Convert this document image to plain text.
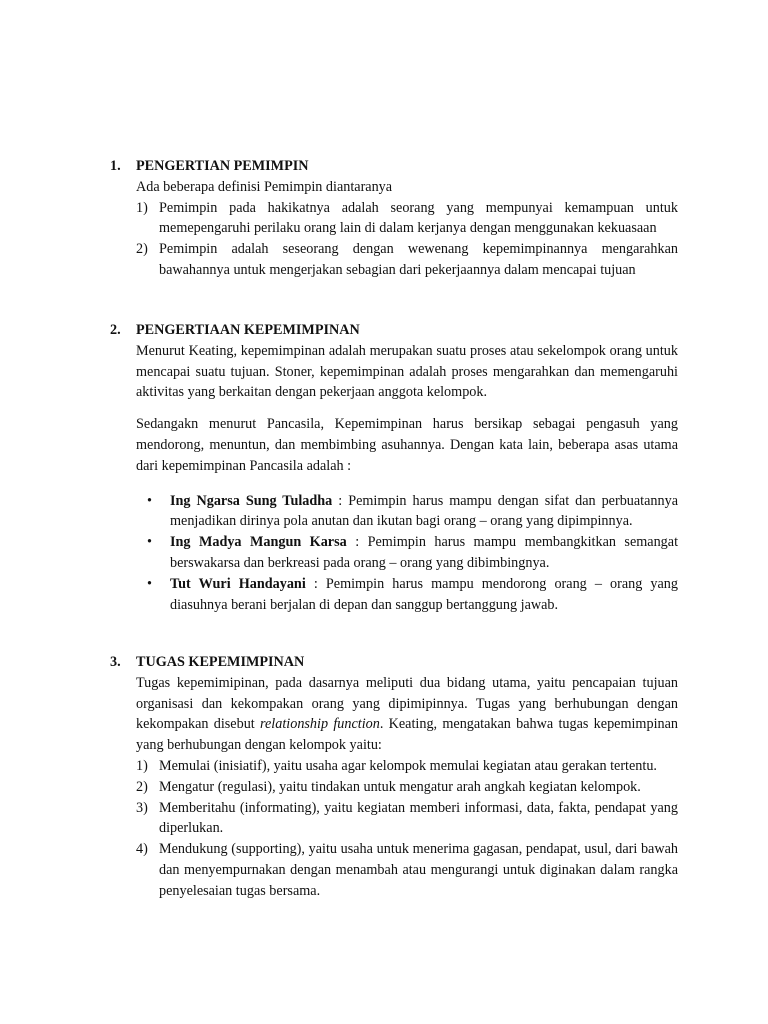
1.	PENGERTIAN PEMIMPIN

Ada beberapa definisi Pemimpin diantaranya

1) Pemimpin pada hakikatnya adalah seorang yang mempunyai kemampuan untuk memepengaruhi perilaku orang lain di dalam kerjanya dengan menggunakan kekuasaan
2) Pemimpin adalah seseorang dengan wewenang kepemimpinannya mengarahkan bawahannya untuk mengerjakan sebagian dari pekerjaannya dalam mencapai tujuan
2.	PENGERTIAAN KEPEMIMPINAN

Menurut Keating, kepemimpinan adalah merupakan suatu proses atau sekelompok orang untuk mencapai suatu tujuan. Stoner, kepemimpinan adalah proses mengarahkan dan memengaruhi aktivitas yang berkaitan dengan pekerjaan anggota kelompok.

Sedangakn menurut Pancasila, Kepemimpinan harus bersikap sebagai pengasuh yang mendorong, menuntun, dan membimbing asuhannya. Dengan kata lain, beberapa asas utama dari kepemimpinan Pancasila adalah :

•
Ing Ngarsa Sung Tuladha : Pemimpin harus mampu dengan sifat dan perbuatannya menjadikan dirinya pola anutan dan ikutan bagi orang – orang yang dipimpinnya.
•
Ing Madya Mangun Karsa : Pemimpin harus mampu membangkitkan semangat berswakarsa dan berkreasi pada orang – orang yang dibimbingnya.
•
Tut Wuri Handayani : Pemimpin harus mampu mendorong orang – orang yang diasuhnya berani berjalan di depan dan sanggup bertanggung jawab.
3.	TUGAS KEPEMIMPINAN

Tugas kepemimipinan, pada dasarnya meliputi dua bidang utama, yaitu pencapaian tujuan organisasi dan kekompakan orang yang dipimipinnya. Tugas yang berhubungan dengan kekompakan disebut relationship function. Keating, mengatakan bahwa tugas kepemimpinan yang berhubungan dengan kelompok yaitu:

1) Memulai (inisiatif), yaitu usaha agar kelompok memulai kegiatan atau gerakan tertentu.
2) Mengatur (regulasi), yaitu tindakan untuk mengatur arah angkah kegiatan kelompok.
3) Memberitahu (informating), yaitu kegiatan memberi informasi, data, fakta, pendapat yang diperlukan.
4) Mendukung (supporting), yaitu usaha untuk menerima gagasan, pendapat, usul, dari bawah dan menyempurnakan dengan menambah atau mengurangi untuk diginakan dalam rangka penyelesaian tugas bersama.
